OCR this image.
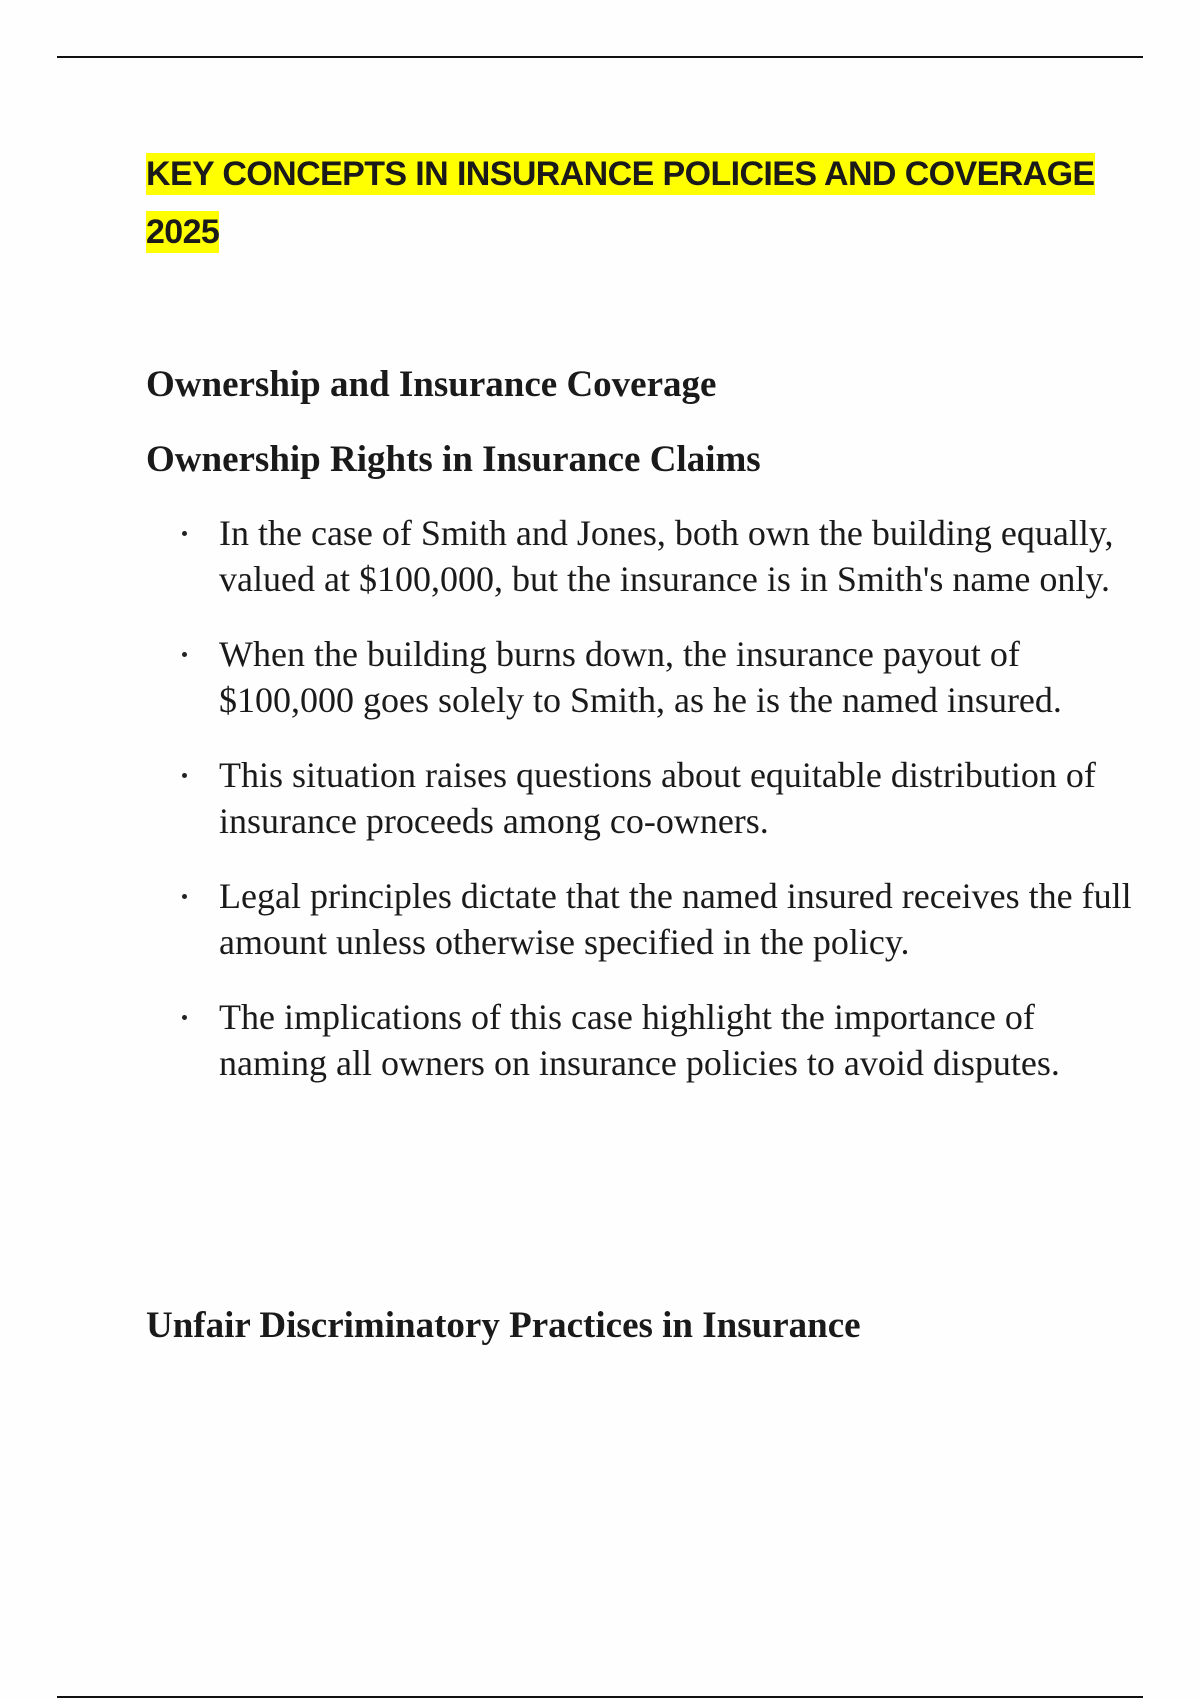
KEY CONCEPTS IN INSURANCE POLICIES AND COVERAGE
2025
Ownership and Insurance Coverage
Ownership Rights in Insurance Claims
In the case of Smith and Jones, both own the building equally, valued at $100,000, but the insurance is in Smith's name only.
When the building burns down, the insurance payout of $100,000 goes solely to Smith, as he is the named insured.
This situation raises questions about equitable distribution of insurance proceeds among co-owners.
Legal principles dictate that the named insured receives the full amount unless otherwise specified in the policy.
The implications of this case highlight the importance of naming all owners on insurance policies to avoid disputes.
Unfair Discriminatory Practices in Insurance
